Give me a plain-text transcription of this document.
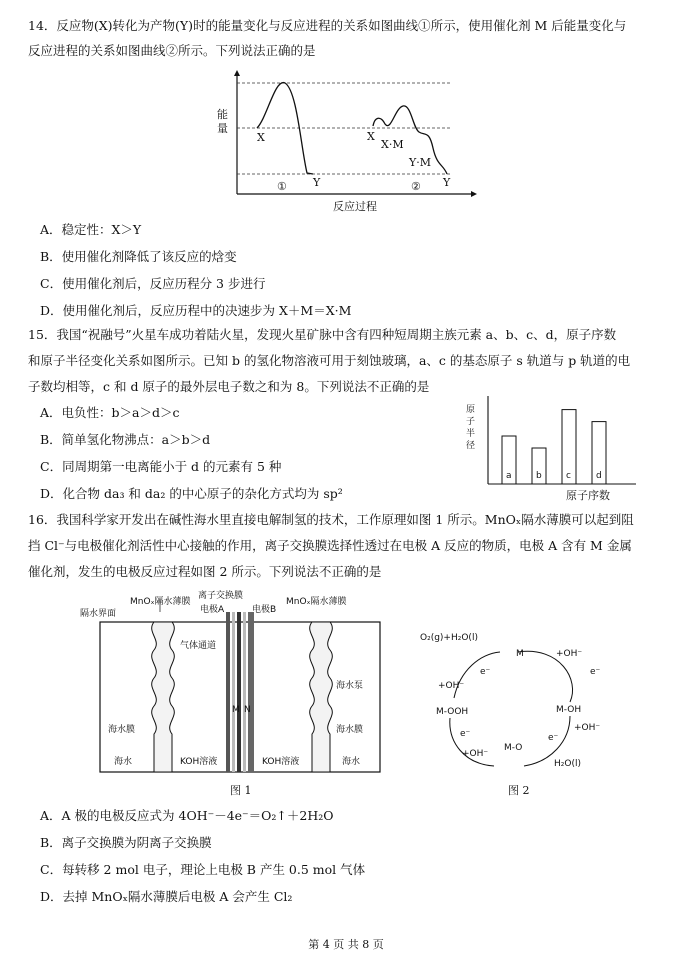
14．反应物(X)转化为产物(Y)时的能量变化与反应进程的关系如图曲线①所示，使用催化剂 M 后能量变化与
反应进程的关系如图曲线②所示。下列说法正确的是
能
量
X
Y
X
X·M
Y·M
Y
①	②
反应过程
A．稳定性：X＞Y
B．使用催化剂降低了该反应的焓变
C．使用催化剂后，反应历程分 3 步进行
D．使用催化剂后，反应历程中的决速步为 X＋M＝X·M
15．我国“祝融号”火星车成功着陆火星，发现火星矿脉中含有四种短周期主族元素 a、b、c、d，原子序数
和原子半径变化关系如图所示。已知 b 的氢化物溶液可用于刻蚀玻璃，a、c 的基态原子 s 轨道与 p 轨道的电
子数均相等，c 和 d 原子的最外层电子数之和为 8。下列说法不正确的是
A．电负性：b＞a＞d＞c
B．简单氢化物沸点：a＞b＞d
C．同周期第一电离能小于 d 的元素有 5 种
D．化合物 da₃ 和 da₂ 的中心原子的杂化方式均为 sp²
原
子
半
径
a	b	c	d
原子序数
16．我国科学家开发出在碱性海水里直接电解制氢的技术，工作原理如图 1 所示。MnOₓ隔水薄膜可以起到阻
挡 Cl⁻与电极催化剂活性中心接触的作用，离子交换膜选择性透过在电极 A 反应的物质，电极 A 含有 M 金属
催化剂，发生的电极反应过程如图 2 所示。下列说法不正确的是
隔水界面
MnOₓ隔水薄膜
离子交换膜
电极A	电极B
MnOₓ隔水薄膜
气体通道
海水泵
海水膜	海水膜
海水	海水
KOH溶液	KOH溶液
M N
图 1
O₂(g)+H₂O(l)
M	+OH⁻
e⁻
+OH⁻
e⁻
M-OOH	M-OH
+OH⁻
e⁻
M-O
+OH⁻
e⁻
H₂O(l)
图 2
A．A 极的电极反应式为 4OH⁻－4e⁻＝O₂↑＋2H₂O
B．离子交换膜为阴离子交换膜
C．每转移 2 mol 电子，理论上电极 B 产生 0.5 mol 气体
D．去掉 MnOₓ隔水薄膜后电极 A 会产生 Cl₂
第 4 页 共 8 页
